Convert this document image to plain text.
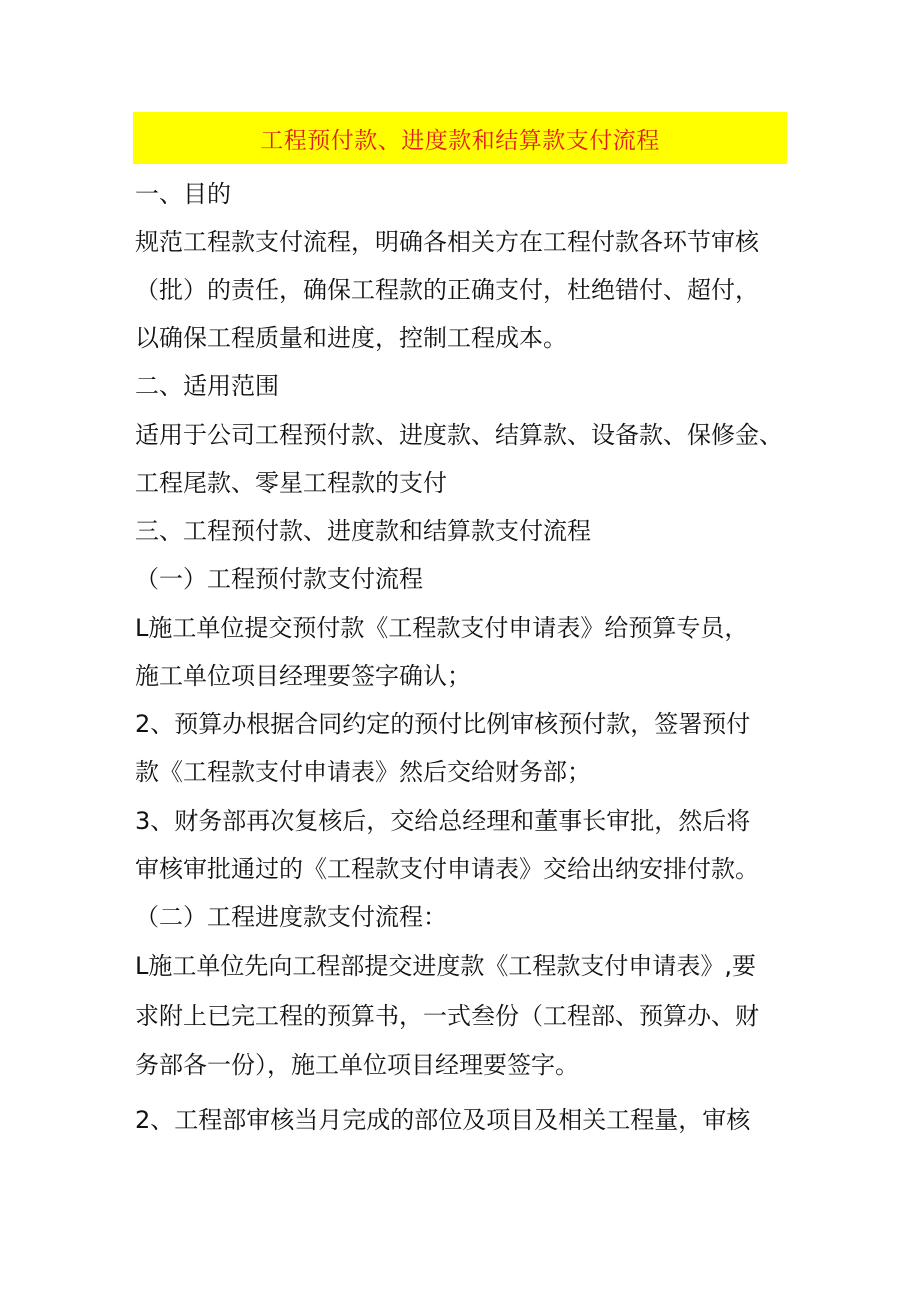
工程预付款、进度款和结算款支付流程
一、目的
规范工程款支付流程，明确各相关方在工程付款各环节审核
（批）的责任，确保工程款的正确支付，杜绝错付、超付，
以确保工程质量和进度，控制工程成本。
二、适用范围
适用于公司工程预付款、进度款、结算款、设备款、保修金、
工程尾款、零星工程款的支付
三、工程预付款、进度款和结算款支付流程
（一）工程预付款支付流程
L施工单位提交预付款《工程款支付申请表》给预算专员，
施工单位项目经理要签字确认；
2、预算办根据合同约定的预付比例审核预付款，签署预付
款《工程款支付申请表》然后交给财务部；
3、财务部再次复核后，交给总经理和董事长审批，然后将
审核审批通过的《工程款支付申请表》交给出纳安排付款。
（二）工程进度款支付流程：
L施工单位先向工程部提交进度款《工程款支付申请表》,要
求附上已完工程的预算书，一式叁份（工程部、预算办、财
务部各一份），施工单位项目经理要签字。
2、工程部审核当月完成的部位及项目及相关工程量，审核
